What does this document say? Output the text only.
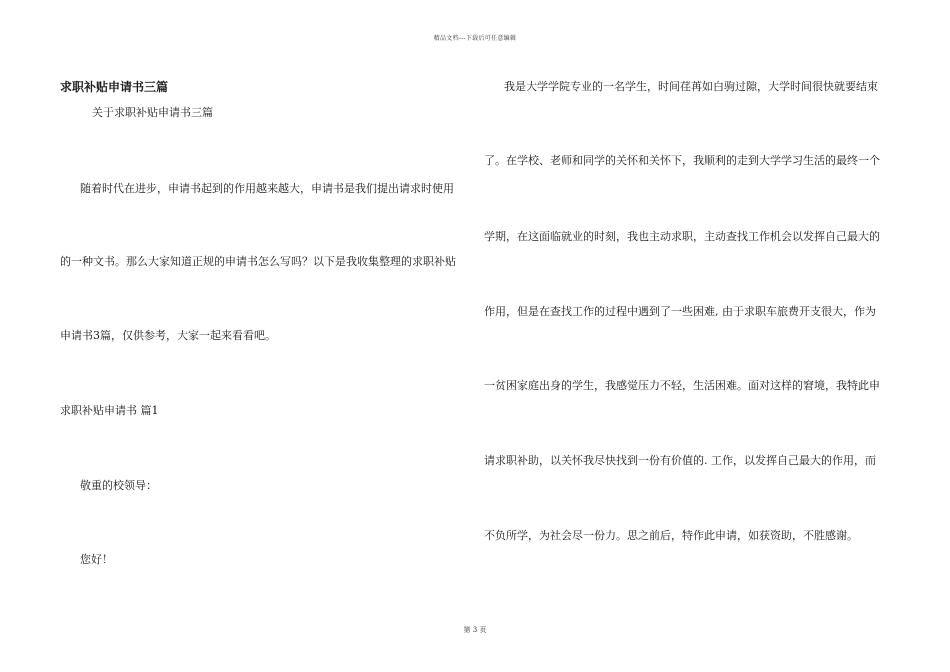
精品文档---下载后可任意编辑
求职补贴申请书三篇
关于求职补贴申请书三篇
随着时代在进步，申请书起到的作用越来越大，申请书是我们提出请求时使用
的一种文书。那么大家知道正规的申请书怎么写吗？以下是我收集整理的求职补贴
申请书3篇，仅供参考，大家一起来看看吧。
求职补贴申请书 篇1
敬重的校领导：
您好！
我是大学学院专业的一名学生，时间荏苒如白驹过隙，大学时间很快就要结束
了。在学校、老师和同学的关怀和关怀下，我顺利的走到大学学习生活的最终一个
学期，在这面临就业的时刻，我也主动求职，主动查找工作机会以发挥自己最大的
作用，但是在查找工作的过程中遇到了一些困难, 由于求职车旅费开支很大，作为
一贫困家庭出身的学生，我感觉压力不轻，生活困难。面对这样的窘境，我特此申
请求职补助，以关怀我尽快找到一份有价值的. 工作，以发挥自己最大的作用，而
不负所学，为社会尽一份力。思之前后，特作此申请，如获资助，不胜感谢。
第 3 页
